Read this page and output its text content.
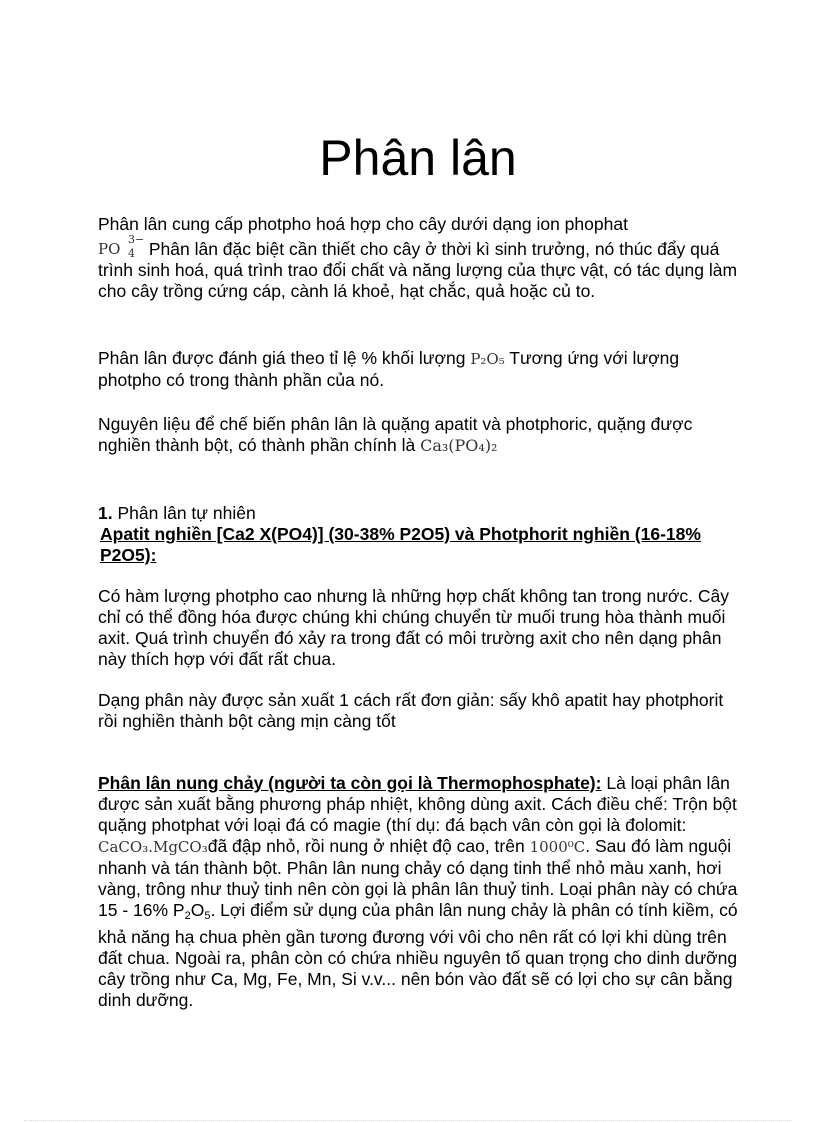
Phân lân

Phân lân cung cấp photpho hoá hợp cho cây dưới dạng ion phophat

PO
3−
4 Phân lân đặc biệt cần thiết cho cây ở thời kì sinh trưởng, nó thúc đẩy quá trình sinh hoá, quá trình trao đổi chất và năng lượng của thực vật, có tác dụng làm cho cây trồng cứng cáp, cành lá khoẻ, hạt chắc, quả hoặc củ to.

Phân lân được đánh giá theo tỉ lệ % khối lượng P₂O₅ Tương ứng với lượng photpho có trong thành phần của nó.

Nguyên liệu để chế biến phân lân là quặng apatit và photphoric, quặng được nghiền thành bột, có thành phần chính là Ca₃(PO₄)₂

1. Phân lân tự nhiên

Apatit nghiền [Ca2 X(PO4)] (30-38% P2O5) và Photphorit nghiền (16-18% P2O5):

Có hàm lượng photpho cao nhưng là những hợp chất không tan trong nước. Cây chỉ có thể đồng hóa được chúng khi chúng chuyển từ muối trung hòa thành muối axit. Quá trình chuyển đó xảy ra trong đất có môi trường axit cho nên dạng phân này thích hợp với đất rất chua.

Dạng phân này được sản xuất 1 cách rất đơn giản: sấy khô apatit hay photphorit rồi nghiền thành bột càng mịn càng tốt

Phân lân nung chảy (người ta còn gọi là Thermophosphate): Là loại phân lân được sản xuất bằng phương pháp nhiệt, không dùng axit. Cách điều chế: Trộn bột quặng photphat với loại đá có magie (thí dụ: đá bạch vân còn gọi là đolomit: CaCO₃.MgCO₃đã đập nhỏ, rồi nung ở nhiệt độ cao, trên 1000⁰C. Sau đó làm nguội nhanh và tán thành bột. Phân lân nung chảy có dạng tinh thể nhỏ màu xanh, hơi vàng, trông như thuỷ tinh nên còn gọi là phân lân thuỷ tinh. Loại phân này có chứa 15 - 16% P2O5. Lợi điểm sử dụng của phân lân nung chảy là phân có tính kiềm, có khả năng hạ chua phèn gần tương đương với vôi cho nên rất có lợi khi dùng trên đất chua. Ngoài ra, phân còn có chứa nhiều nguyên tố quan trọng cho dinh dưỡng cây trồng như Ca, Mg, Fe, Mn, Si v.v... nên bón vào đất sẽ có lợi cho sự cân bằng dinh dưỡng.
